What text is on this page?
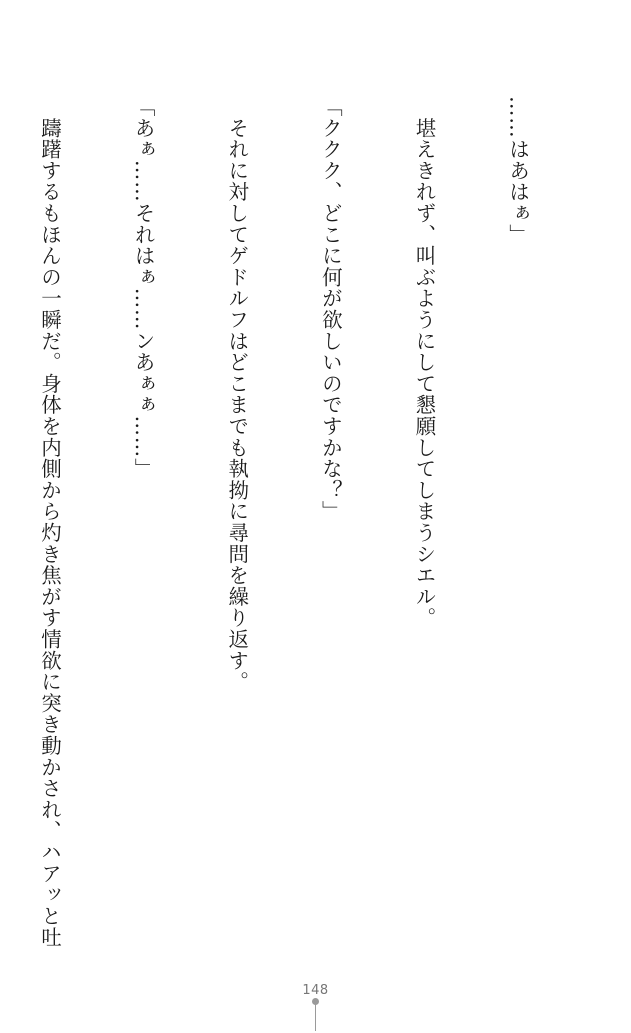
……はあはぁ」

　堪えきれず、叫ぶようにして懇願してしまうシエル。

「ククク、どこに何が欲しいのですかな？」

　それに対してゲドルフはどこまでも執拗に尋問を繰り返す。

「あぁ……それはぁ……ンあぁぁ……」

　躊躇するもほんの一瞬だ。身体を内側から灼き焦がす情欲に突き動かされ、ハアッと吐

148
